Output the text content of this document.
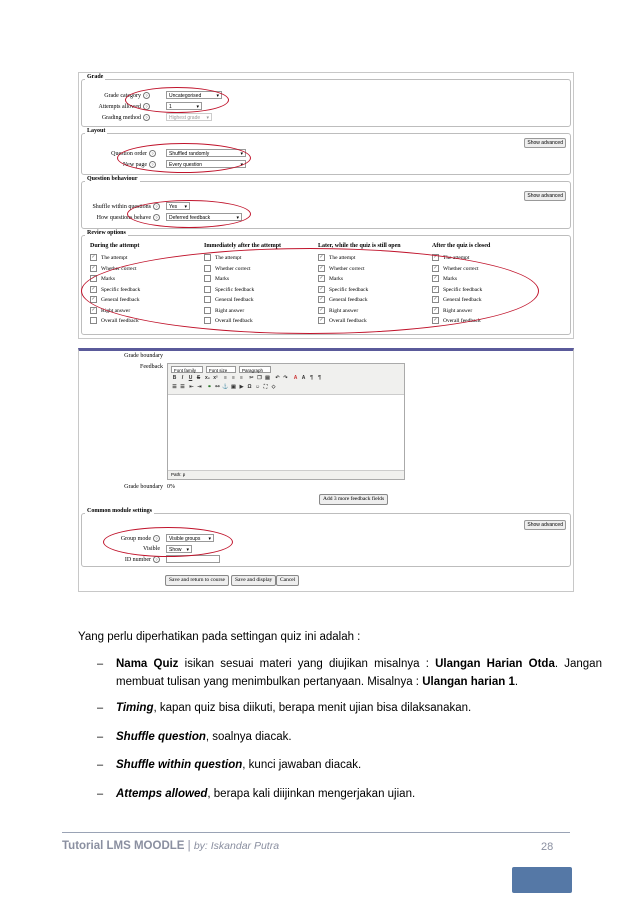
Grade
Grade category ?	Uncategorised	▾
Attempts allowed ?	1	▾
Grading method ?	Highest grade ▾
Layout
Show advanced
Question order ?	Shuffled randomly	▾
New page ?	Every question	▾
Question behaviour
Show advanced
Shuffle within questions ?	Yes ▾
How questions behave ?	Deferred feedback	▾
Review options
During the attempt
✓ The attempt
✓ Whether correct
✓ Marks
✓ Specific feedback
✓ General feedback
✓ Right answer
Overall feedback
Immediately after the attempt
The attempt
Whether correct
Marks
Specific feedback
General feedback
Right answer
Overall feedback
Later, while the quiz is still open
✓ The attempt
✓ Whether correct
✓ Marks
✓ Specific feedback
✓ General feedback
✓ Right answer
✓ Overall feedback
After the quiz is closed
✓ The attempt
✓ Whether correct
✓ Marks
✓ Specific feedback
✓ General feedback
✓ Right answer
✓ Overall feedback
Grade boundary
Feedback
Font family	Font size	Paragraph
B	I	U S x₂ x²	≡	≡	≡	✂ ❐ ▤ ↶ ↷	A A ¶	¶
☰ ☰ ⇤ ⇥ ⚭ ⚯ ⚓ ▣ ▶ Ω ☺ ⛶ ◇
Path: p
Grade boundary 0%
Add 3 more feedback fields
Common module settings
Show advanced
Group mode ?	Visible groups ▾
Visible	Show ▾
ID number ?
Save and return to course	Save and display	Cancel
Yang perlu diperhatikan pada settingan quiz ini adalah :
– Nama Quiz isikan sesuai materi yang diujikan misalnya : Ulangan Harian Otda. Jangan
membuat tulisan yang menimbulkan pertanyaan. Misalnya : Ulangan harian 1.
– Timing, kapan quiz bisa diikuti, berapa menit ujian bisa dilaksanakan.
– Shuffle question, soalnya diacak.
– Shuffle within question, kunci jawaban diacak.
– Attemps allowed, berapa kali diijinkan mengerjakan ujian.
Tutorial LMS MOODLE | by: Iskandar Putra	28
